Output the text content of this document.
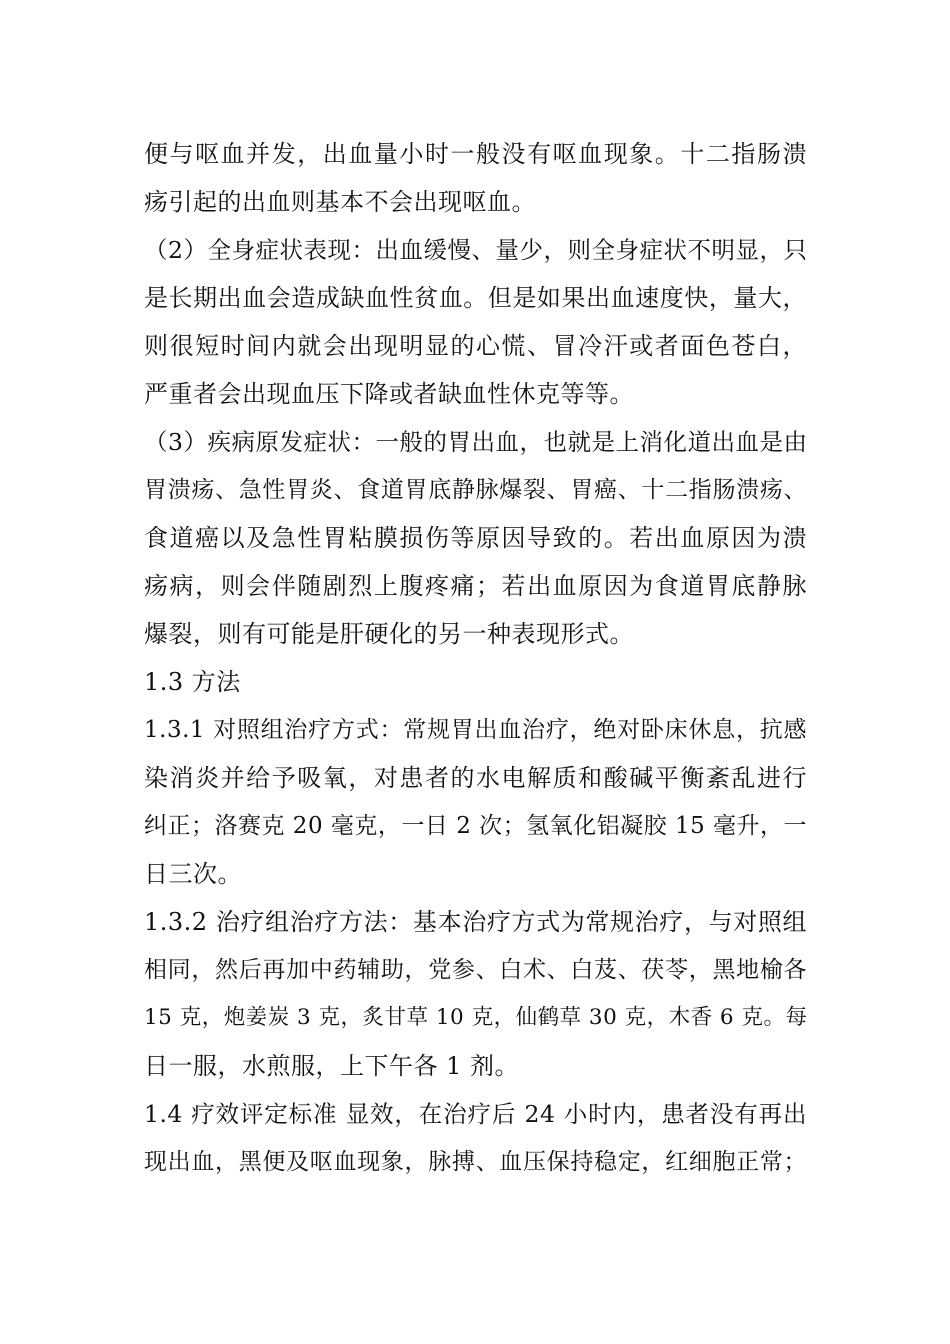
便与呕血并发，出血量小时一般没有呕血现象。十二指肠溃
疡引起的出血则基本不会出现呕血。
（2）全身症状表现：出血缓慢、量少，则全身症状不明显，只
是长期出血会造成缺血性贫血。但是如果出血速度快，量大，
则很短时间内就会出现明显的心慌、冒冷汗或者面色苍白，
严重者会出现血压下降或者缺血性休克等等。
（3）疾病原发症状：一般的胃出血，也就是上消化道出血是由
胃溃疡、急性胃炎、食道胃底静脉爆裂、胃癌、十二指肠溃疡、
食道癌以及急性胃粘膜损伤等原因导致的。若出血原因为溃
疡病，则会伴随剧烈上腹疼痛；若出血原因为食道胃底静脉
爆裂，则有可能是肝硬化的另一种表现形式。
1.3 方法
1.3.1 对照组治疗方式：常规胃出血治疗，绝对卧床休息，抗感
染消炎并给予吸氧，对患者的水电解质和酸碱平衡紊乱进行
纠正；洛赛克 20 毫克，一日 2 次；氢氧化铝凝胶 15 毫升，一
日三次。
1.3.2 治疗组治疗方法：基本治疗方式为常规治疗，与对照组
相同，然后再加中药辅助，党参、白术、白芨、茯苓，黑地榆各
15 克，炮姜炭 3 克，炙甘草 10 克，仙鹤草 30 克，木香 6 克。每
日一服，水煎服，上下午各 1 剂。
1.4 疗效评定标准 显效，在治疗后 24 小时内，患者没有再出
现出血，黑便及呕血现象，脉搏、血压保持稳定，红细胞正常；
